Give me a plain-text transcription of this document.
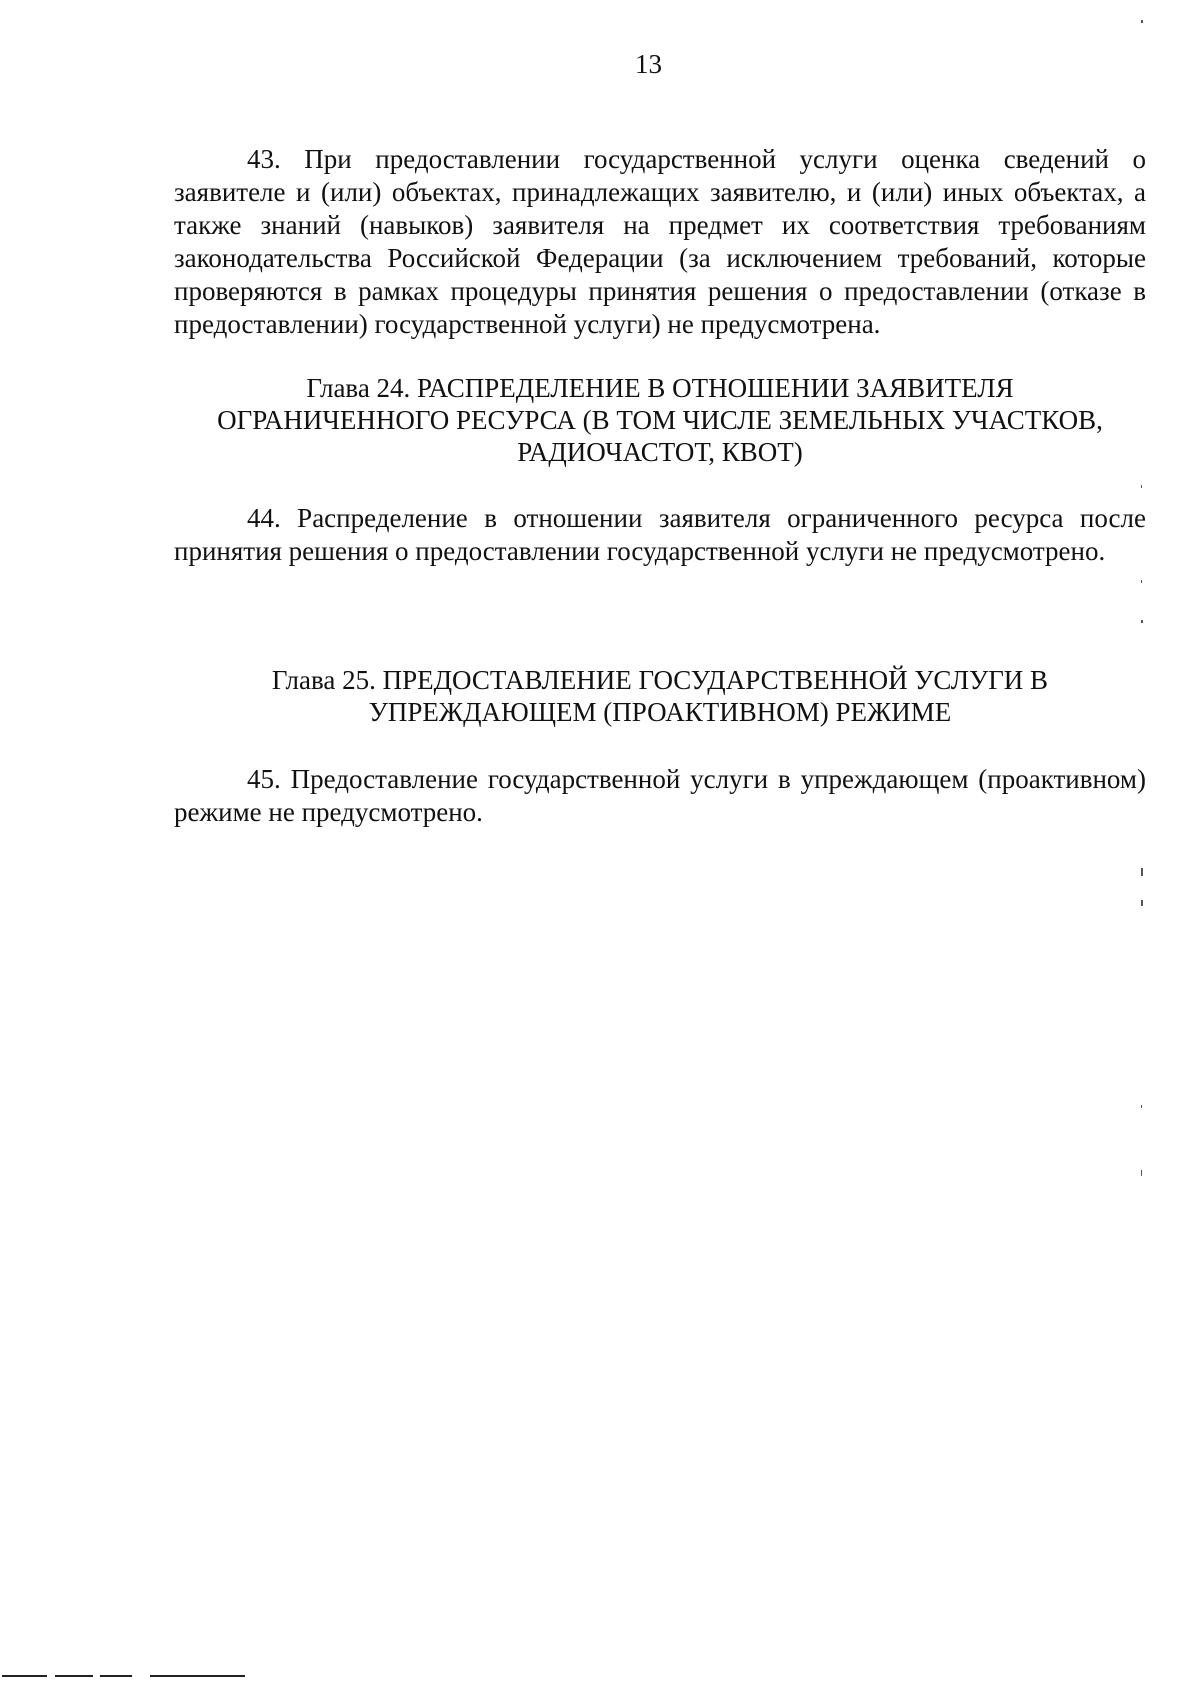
13

43. При предоставлении государственной услуги оценка сведений о заявителе и (или) объектах, принадлежащих заявителю, и (или) иных объектах, а также знаний (навыков) заявителя на предмет их соответствия требованиям законодательства Российской Федерации (за исключением требований, которые проверяются в рамках процедуры принятия решения о предоставлении (отказе в предоставлении) государственной услуги) не предусмотрена.

Глава 24. РАСПРЕДЕЛЕНИЕ В ОТНОШЕНИИ ЗАЯВИТЕЛЯ
ОГРАНИЧЕННОГО РЕСУРСА (В ТОМ ЧИСЛЕ ЗЕМЕЛЬНЫХ УЧАСТКОВ,
РАДИОЧАСТОТ, КВОТ)

44. Распределение в отношении заявителя ограниченного ресурса после принятия решения о предоставлении государственной услуги не предусмотрено.

Глава 25. ПРЕДОСТАВЛЕНИЕ ГОСУДАРСТВЕННОЙ УСЛУГИ В
УПРЕЖДАЮЩЕМ (ПРОАКТИВНОМ) РЕЖИМЕ

45. Предоставление государственной услуги в упреждающем (проактивном) режиме не предусмотрено.
